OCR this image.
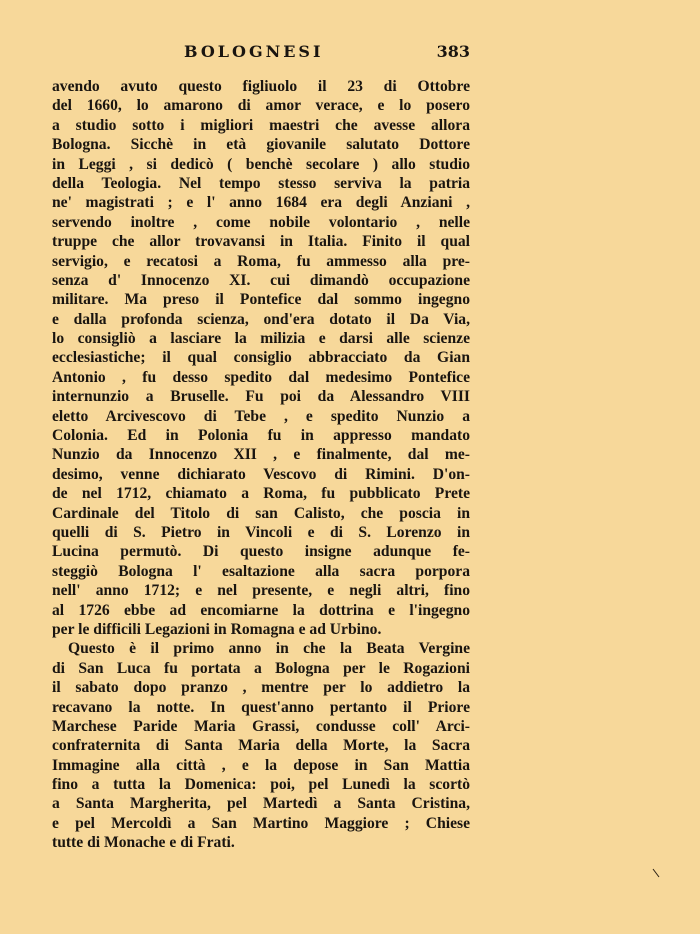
BOLOGNESI	383
avendo avuto questo figliuolo il 23 di Ottobre
del 1660, lo amarono di amor verace, e lo posero
a studio sotto i migliori maestri che avesse allora
Bologna. Sicchè in età giovanile salutato Dottore
in Leggi , si dedicò ( benchè secolare ) allo studio
della Teologia. Nel tempo stesso serviva la patria
ne' magistrati ; e l' anno 1684 era degli Anziani ,
servendo inoltre , come nobile volontario , nelle
truppe che allor trovavansi in Italia. Finito il qual
servigio, e recatosi a Roma, fu ammesso alla pre-
senza d' Innocenzo XI. cui dimandò occupazione
militare. Ma preso il Pontefice dal sommo ingegno
e dalla profonda scienza, ond'era dotato il Da Via,
lo consigliò a lasciare la milizia e darsi alle scienze
ecclesiastiche; il qual consiglio abbracciato da Gian
Antonio , fu desso spedito dal medesimo Pontefice
internunzio a Bruselle. Fu poi da Alessandro VIII
eletto Arcivescovo di Tebe , e spedito Nunzio a
Colonia. Ed in Polonia fu in appresso mandato
Nunzio da Innocenzo XII , e finalmente, dal me-
desimo, venne dichiarato Vescovo di Rimini. D'on-
de nel 1712, chiamato a Roma, fu pubblicato Prete
Cardinale del Titolo di san Calisto, che poscia in
quelli di S. Pietro in Vincoli e di S. Lorenzo in
Lucina permutò. Di questo insigne adunque fe-
steggiò Bologna l' esaltazione alla sacra porpora
nell' anno 1712; e nel presente, e negli altri, fino
al 1726 ebbe ad encomiarne la dottrina e l'ingegno
per le difficili Legazioni in Romagna e ad Urbino.
Questo è il primo anno in che la Beata Vergine
di San Luca fu portata a Bologna per le Rogazioni
il sabato dopo pranzo , mentre per lo addietro la
recavano la notte. In quest'anno pertanto il Priore
Marchese Paride Maria Grassi, condusse coll' Arci-
confraternita di Santa Maria della Morte, la Sacra
Immagine alla città , e la depose in San Mattia
fino a tutta la Domenica: poi, pel Lunedì la scortò
a Santa Margherita, pel Martedì a Santa Cristina,
e pel Mercoldì a San Martino Maggiore ; Chiese
tutte di Monache e di Frati.
